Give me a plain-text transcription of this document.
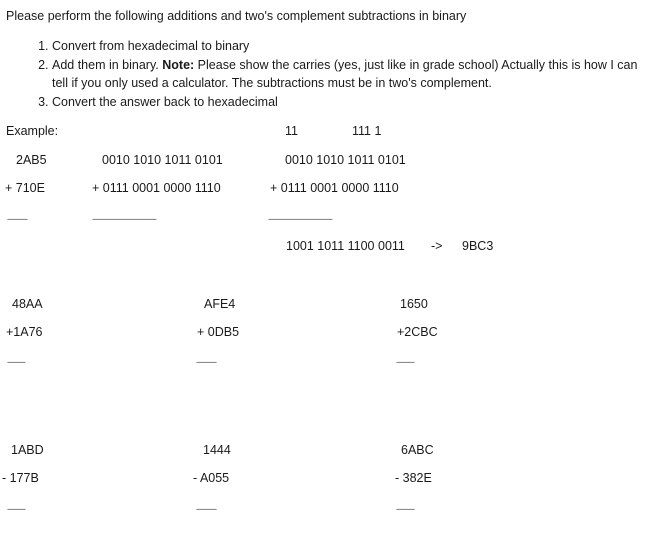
Please perform the following additions and two's complement subtractions in binary
1. Convert from hexadecimal to binary
2. Add them in binary. Note: Please show the carries (yes, just like in grade school) Actually this is how I can tell if you only used a calculator. The subtractions must be in two's complement.
3. Convert the answer back to hexadecimal
Example:	11	111 1
2AB5	0010 1010 1011 0101	0010 1010 1011 0101
+ 710E	+ 0111 0001 0000 1110	+ 0111 0001 0000 1110
----------	--------------------------------	--------------------------------
1001 1011 1100 0011 -> 9BC3
48AA
+1A76
---------
AFE4
+ 0DB5
----------
1650
+2CBC
---------
1ABD
- 177B
---------
1444
- A055
----------
6ABC
- 382E
---------
